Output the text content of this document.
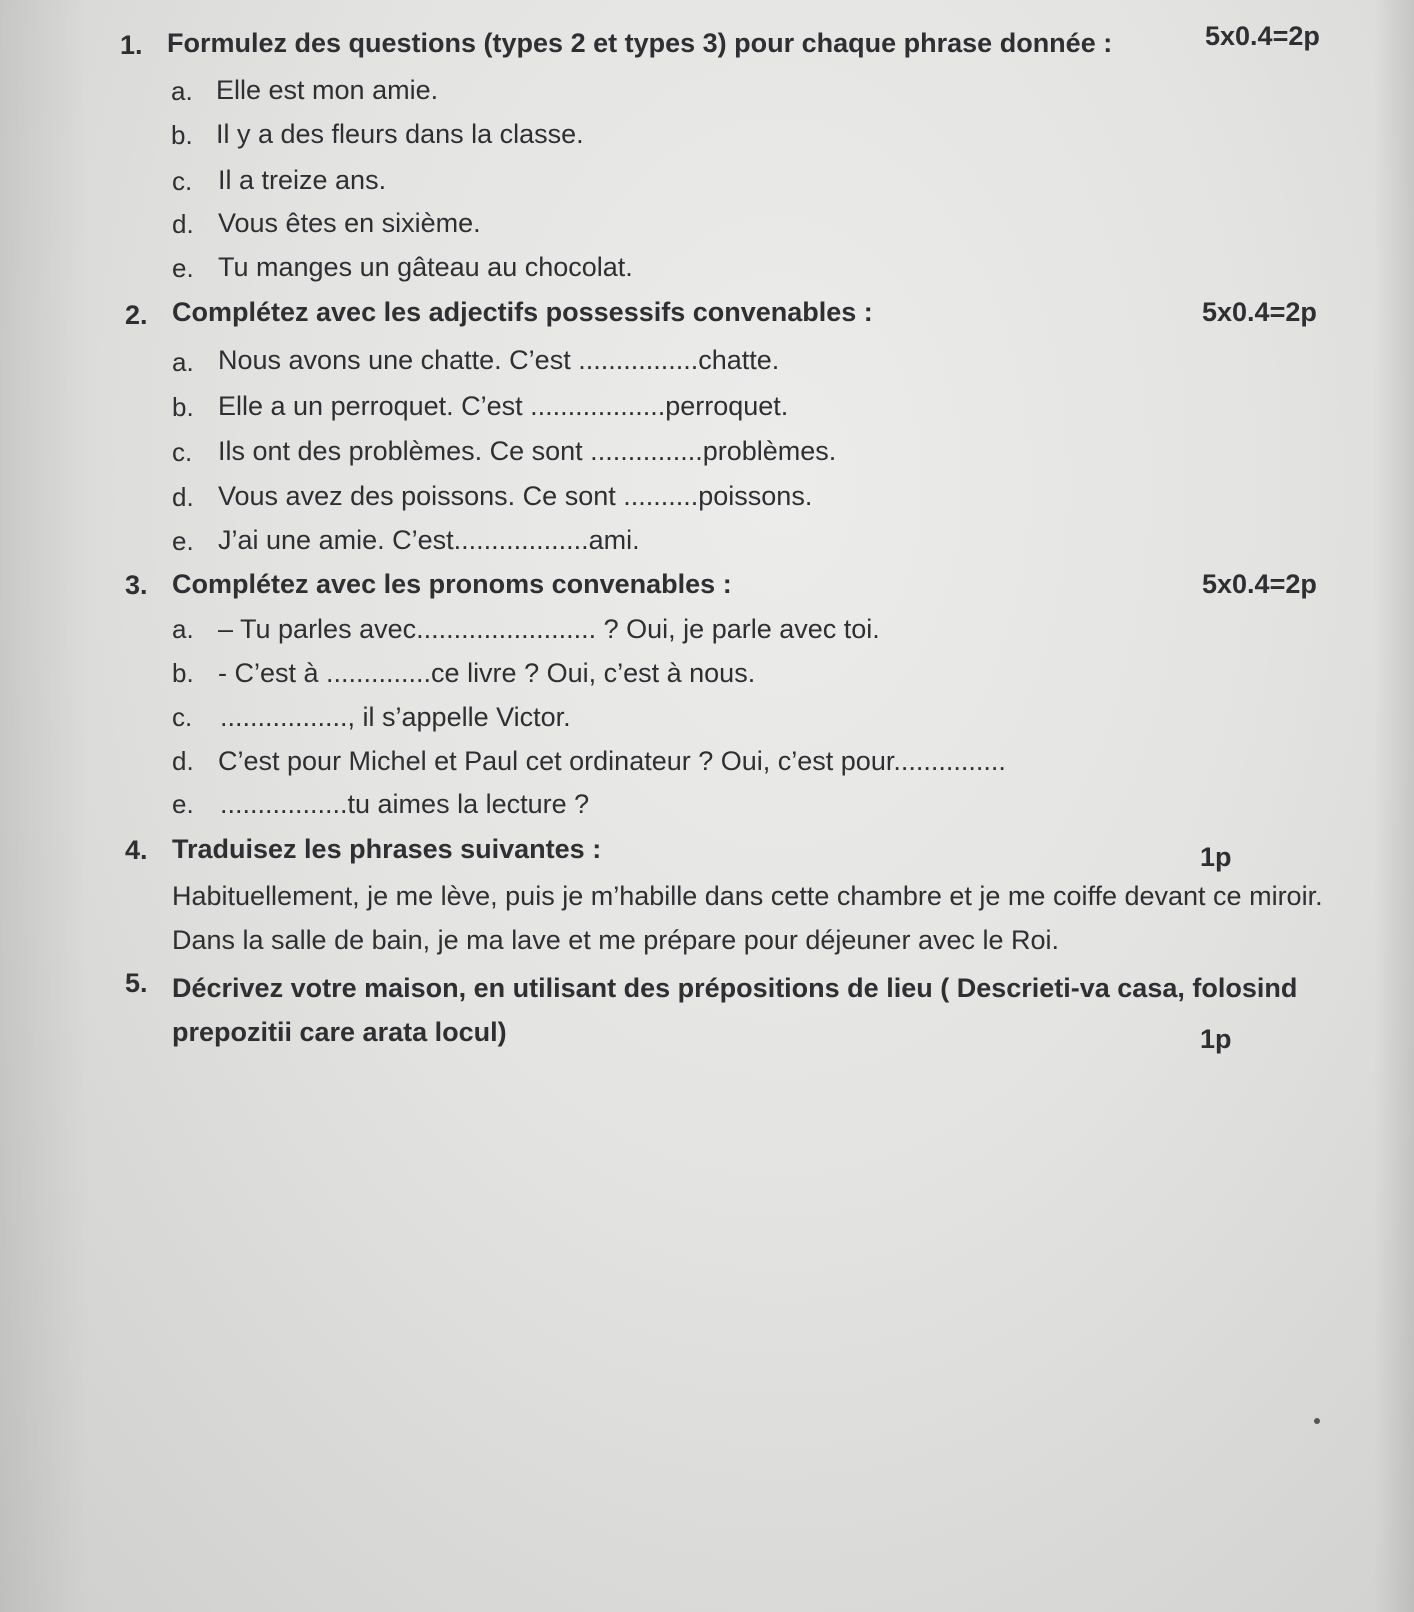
1. Formulez des questions (types 2 et types 3) pour chaque phrase donnée :	5x0.4=2p
a. Elle est mon amie.
b. Il y a des fleurs dans la classe.
c. Il a treize ans.
d. Vous êtes en sixième.
e. Tu manges un gâteau au chocolat.
2. Complétez avec les adjectifs possessifs convenables :	5x0.4=2p
a. Nous avons une chatte. C’est ................chatte.
b. Elle a un perroquet. C’est ..................perroquet.
c. Ils ont des problèmes. Ce sont ...............problèmes.
d. Vous avez des poissons. Ce sont ..........poissons.
e. J’ai une amie. C’est..................ami.
3. Complétez avec les pronoms convenables :	5x0.4=2p
a. – Tu parles avec........................ ? Oui, je parle avec toi.
b. - C’est à ..............ce livre ? Oui, c’est à nous.
c. ................., il s’appelle Victor.
d. C’est pour Michel et Paul cet ordinateur ? Oui, c’est pour...............
e. .................tu aimes la lecture ?
4. Traduisez les phrases suivantes :	1p
Habituellement, je me lève, puis je m’habille dans cette chambre et je me coiffe devant ce miroir. Dans la salle de bain, je ma lave et me prépare pour déjeuner avec le Roi.
5. Décrivez votre maison, en utilisant des prépositions de lieu ( Descrieti-va casa, folosind prepozitii care arata locul)	1p
